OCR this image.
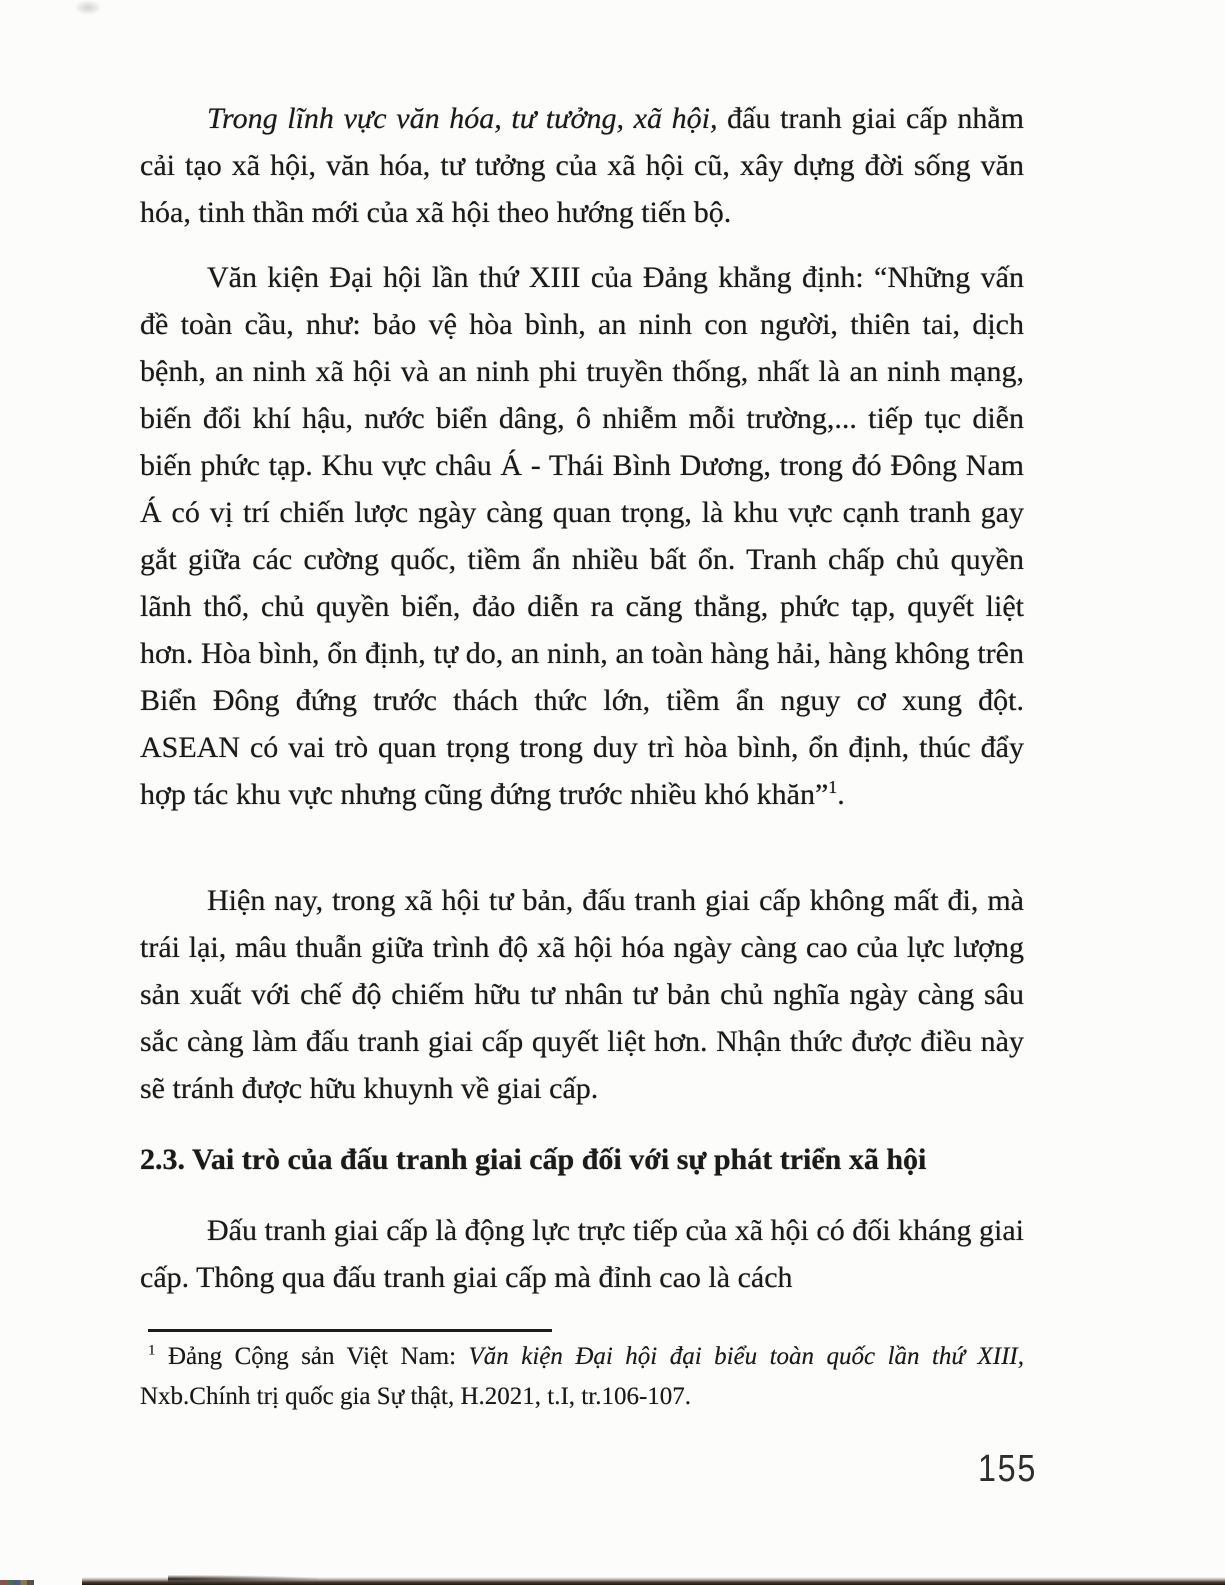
Trong lĩnh vực văn hóa, tư tưởng, xã hội, đấu tranh giai cấp nhằm cải tạo xã hội, văn hóa, tư tưởng của xã hội cũ, xây dựng đời sống văn hóa, tinh thần mới của xã hội theo hướng tiến bộ.

Văn kiện Đại hội lần thứ XIII của Đảng khẳng định: “Những vấn đề toàn cầu, như: bảo vệ hòa bình, an ninh con người, thiên tai, dịch bệnh, an ninh xã hội và an ninh phi truyền thống, nhất là an ninh mạng, biến đổi khí hậu, nước biển dâng, ô nhiễm mỗi trường,... tiếp tục diễn biến phức tạp. Khu vực châu Á - Thái Bình Dương, trong đó Đông Nam Á có vị trí chiến lược ngày càng quan trọng, là khu vực cạnh tranh gay gắt giữa các cường quốc, tiềm ẩn nhiều bất ổn. Tranh chấp chủ quyền lãnh thổ, chủ quyền biển, đảo diễn ra căng thẳng, phức tạp, quyết liệt hơn. Hòa bình, ổn định, tự do, an ninh, an toàn hàng hải, hàng không trên Biển Đông đứng trước thách thức lớn, tiềm ẩn nguy cơ xung đột. ASEAN có vai trò quan trọng trong duy trì hòa bình, ổn định, thúc đẩy hợp tác khu vực nhưng cũng đứng trước nhiều khó khăn”$^1$.

Hiện nay, trong xã hội tư bản, đấu tranh giai cấp không mất đi, mà trái lại, mâu thuẫn giữa trình độ xã hội hóa ngày càng cao của lực lượng sản xuất với chế độ chiếm hữu tư nhân tư bản chủ nghĩa ngày càng sâu sắc càng làm đấu tranh giai cấp quyết liệt hơn. Nhận thức được điều này sẽ tránh được hữu khuynh về giai cấp.

2.3. Vai trò của đấu tranh giai cấp đối với sự phát triển xã hội

Đấu tranh giai cấp là động lực trực tiếp của xã hội có đối kháng giai cấp. Thông qua đấu tranh giai cấp mà đỉnh cao là cách

$^1$ Đảng Cộng sản Việt Nam: Văn kiện Đại hội đại biểu toàn quốc lần thứ XIII, Nxb.Chính trị quốc gia Sự thật, H.2021, t.I, tr.106-107.
155
